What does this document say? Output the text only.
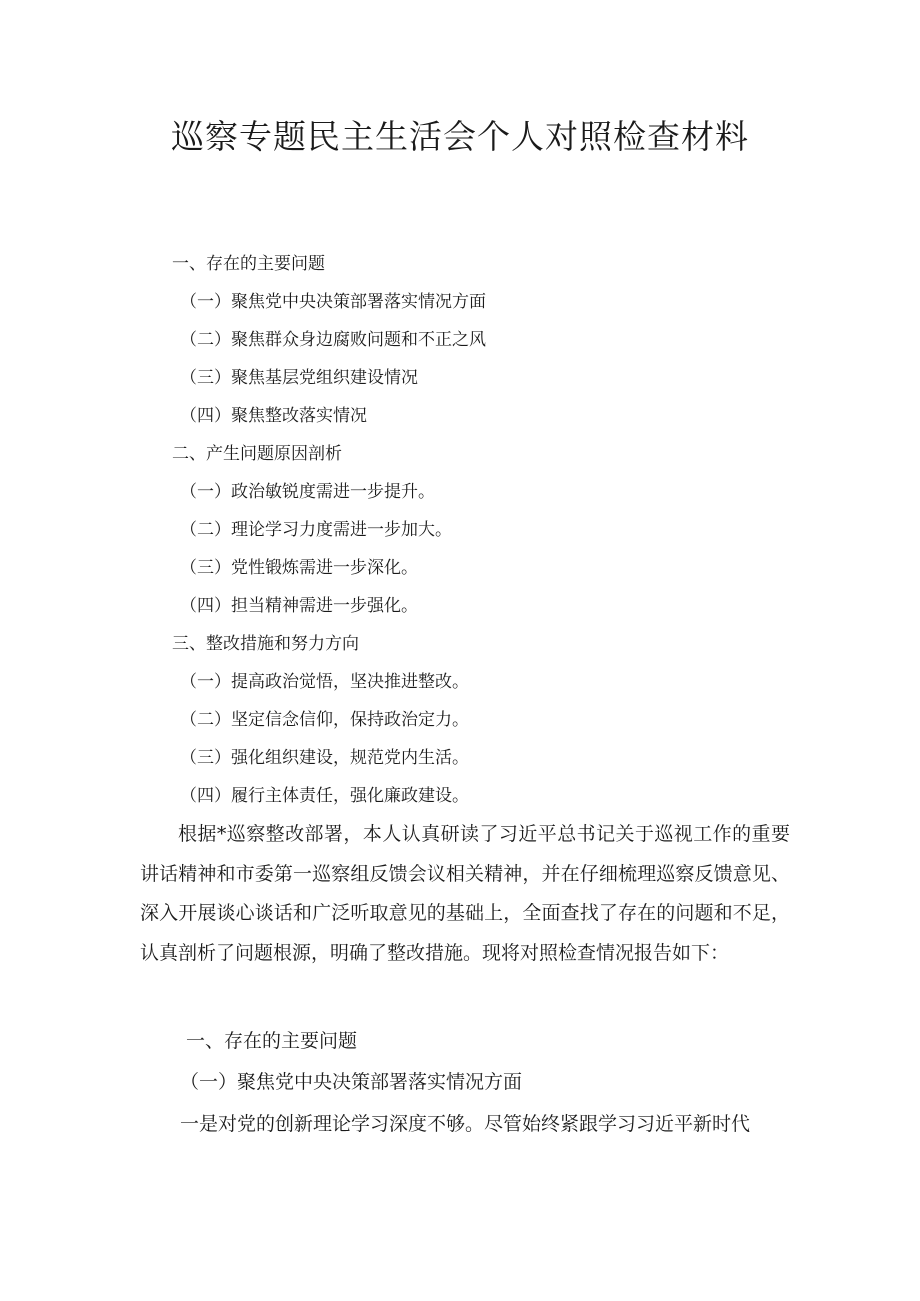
巡察专题民主生活会个人对照检查材料
一、存在的主要问题
（一）聚焦党中央决策部署落实情况方面
（二）聚焦群众身边腐败问题和不正之风
（三）聚焦基层党组织建设情况
（四）聚焦整改落实情况
二、产生问题原因剖析
（一）政治敏锐度需进一步提升。
（二）理论学习力度需进一步加大。
（三）党性锻炼需进一步深化。
（四）担当精神需进一步强化。
三、整改措施和努力方向
（一）提高政治觉悟，坚决推进整改。
（二）坚定信念信仰，保持政治定力。
（三）强化组织建设，规范党内生活。
（四）履行主体责任，强化廉政建设。
根据*巡察整改部署，本人认真研读了习近平总书记关于巡视工作的重要讲话精神和市委第一巡察组反馈会议相关精神，并在仔细梳理巡察反馈意见、深入开展谈心谈话和广泛听取意见的基础上，全面查找了存在的问题和不足，认真剖析了问题根源，明确了整改措施。现将对照检查情况报告如下：
一、存在的主要问题
（一）聚焦党中央决策部署落实情况方面
一是对党的创新理论学习深度不够。尽管始终紧跟学习习近平新时代
